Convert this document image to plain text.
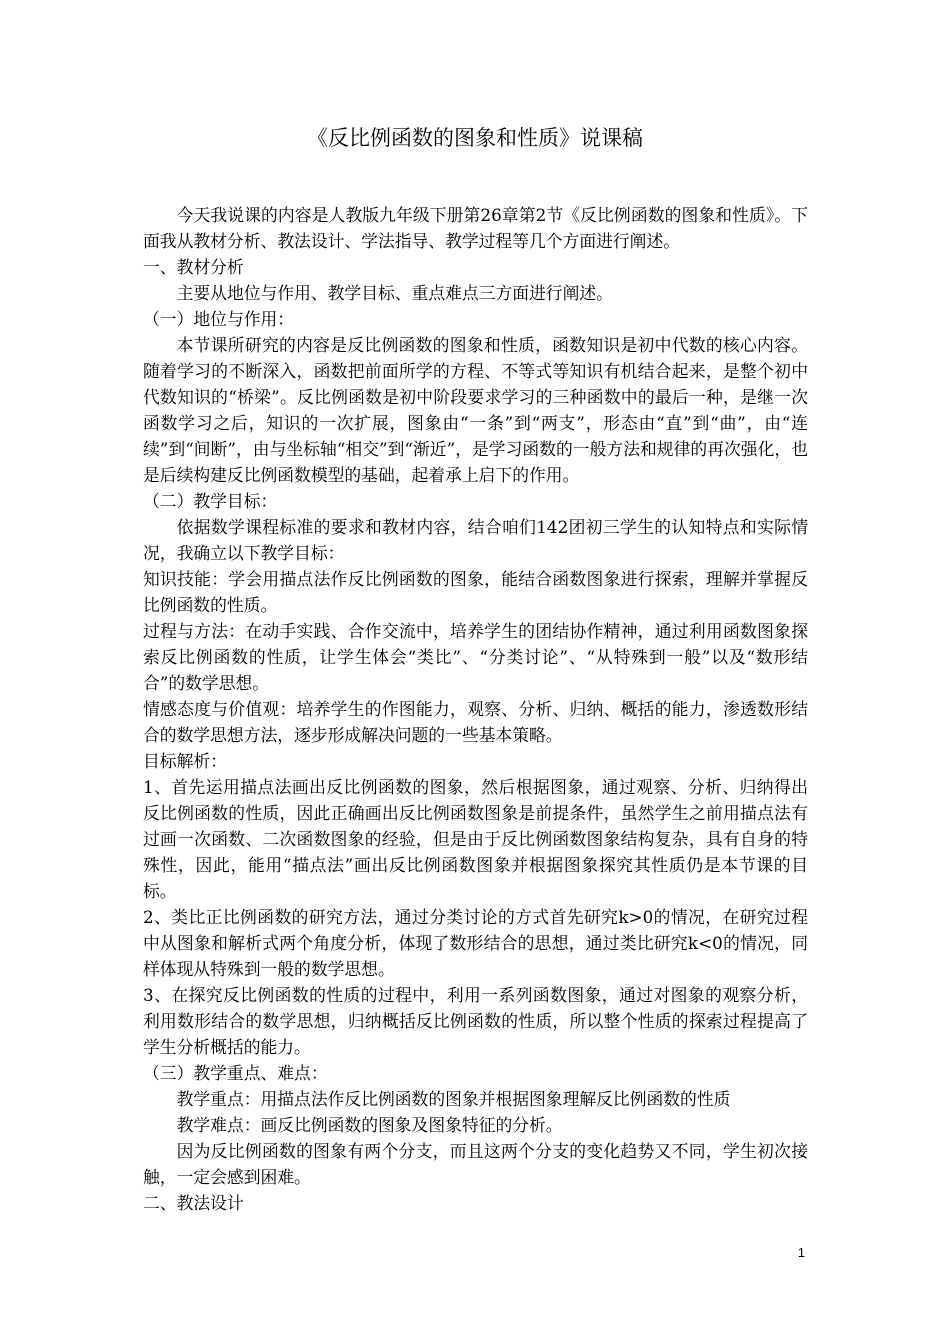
《反比例函数的图象和性质》说课稿

今天我说课的内容是人教版九年级下册第26章第2节《反比例函数的图象和性质》。下面我从教材分析、教法设计、学法指导、教学过程等几个方面进行阐述。

一、教材分析

主要从地位与作用、教学目标、重点难点三方面进行阐述。

（一）地位与作用：

本节课所研究的内容是反比例函数的图象和性质，函数知识是初中代数的核心内容。随着学习的不断深入，函数把前面所学的方程、不等式等知识有机结合起来，是整个初中代数知识的“桥梁”。反比例函数是初中阶段要求学习的三种函数中的最后一种，是继一次函数学习之后，知识的一次扩展，图象由“一条”到“两支”，形态由“直”到“曲”，由“连续”到“间断”，由与坐标轴“相交”到“渐近”，是学习函数的一般方法和规律的再次强化，也是后续构建反比例函数模型的基础，起着承上启下的作用。

（二）教学目标：

依据数学课程标准的要求和教材内容，结合咱们142团初三学生的认知特点和实际情况，我确立以下教学目标：

知识技能：学会用描点法作反比例函数的图象，能结合函数图象进行探索，理解并掌握反比例函数的性质。

过程与方法：在动手实践、合作交流中，培养学生的团结协作精神，通过利用函数图象探索反比例函数的性质，让学生体会“类比”、“分类讨论”、“从特殊到一般”以及“数形结合”的数学思想。

情感态度与价值观：培养学生的作图能力，观察、分析、归纳、概括的能力，渗透数形结合的数学思想方法，逐步形成解决问题的一些基本策略。

目标解析：

1、首先运用描点法画出反比例函数的图象，然后根据图象，通过观察、分析、归纳得出反比例函数的性质，因此正确画出反比例函数图象是前提条件，虽然学生之前用描点法有过画一次函数、二次函数图象的经验，但是由于反比例函数图象结构复杂，具有自身的特殊性，因此，能用“描点法”画出反比例函数图象并根据图象探究其性质仍是本节课的目标。

2、类比正比例函数的研究方法，通过分类讨论的方式首先研究k>0的情况，在研究过程中从图象和解析式两个角度分析，体现了数形结合的思想，通过类比研究k<0的情况，同样体现从特殊到一般的数学思想。

3、在探究反比例函数的性质的过程中，利用一系列函数图象，通过对图象的观察分析，利用数形结合的数学思想，归纳概括反比例函数的性质，所以整个性质的探索过程提高了学生分析概括的能力。

（三）教学重点、难点：

教学重点：用描点法作反比例函数的图象并根据图象理解反比例函数的性质

教学难点：画反比例函数的图象及图象特征的分析。

因为反比例函数的图象有两个分支，而且这两个分支的变化趋势又不同，学生初次接触，一定会感到困难。

二、教法设计

1
